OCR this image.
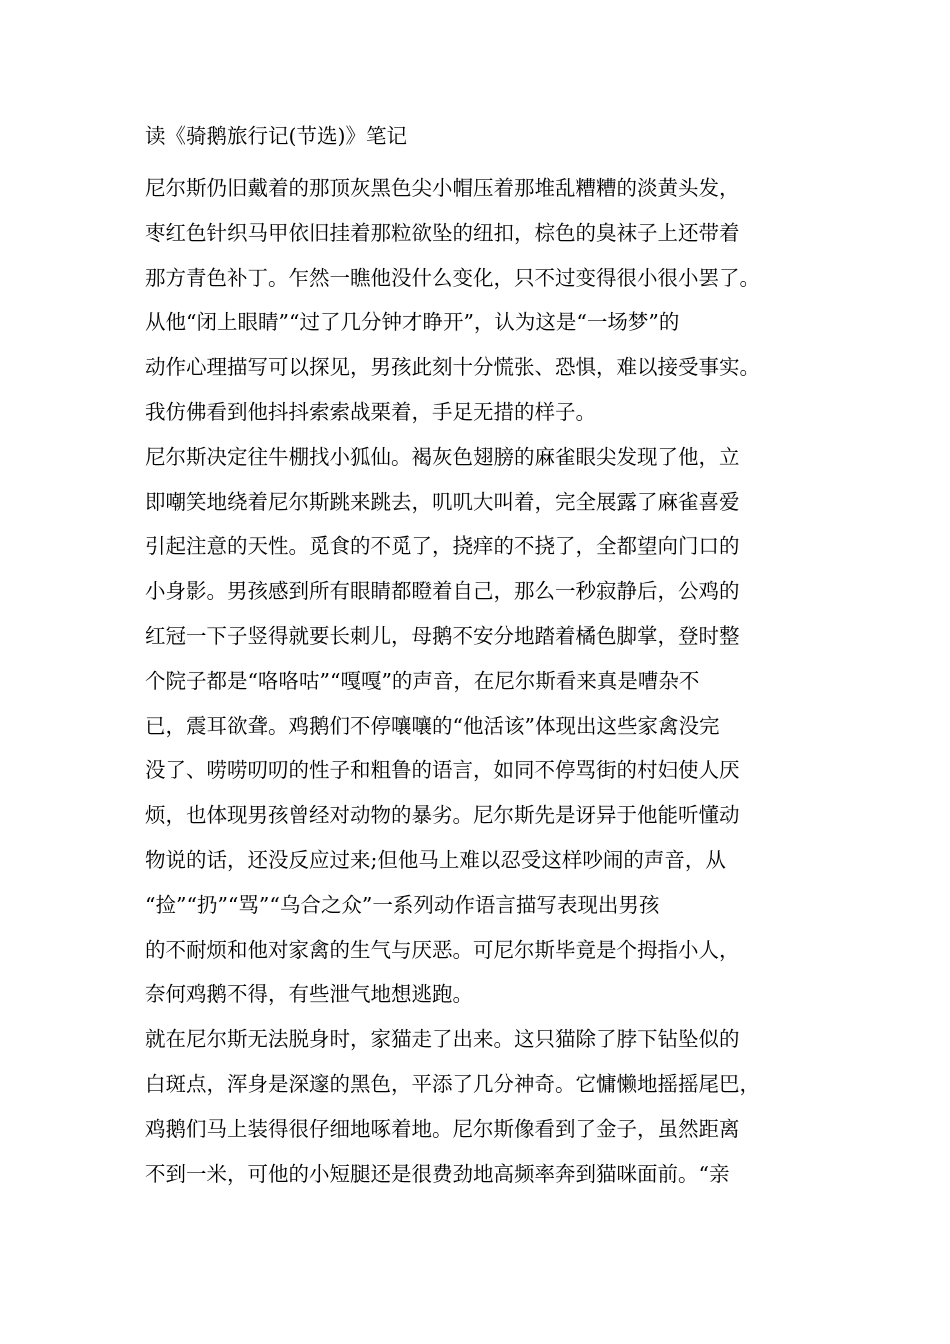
读《骑鹅旅行记(节选)》笔记
尼尔斯仍旧戴着的那顶灰黑色尖小帽压着那堆乱糟糟的淡黄头发，
枣红色针织马甲依旧挂着那粒欲坠的纽扣，棕色的臭袜子上还带着
那方青色补丁。乍然一瞧他没什么变化，只不过变得很小很小罢了。
从他“闭上眼睛”“过了几分钟才睁开”，认为这是“一场梦”的
动作心理描写可以探见，男孩此刻十分慌张、恐惧，难以接受事实。
我仿佛看到他抖抖索索战栗着，手足无措的样子。
尼尔斯决定往牛棚找小狐仙。褐灰色翅膀的麻雀眼尖发现了他，立
即嘲笑地绕着尼尔斯跳来跳去，叽叽大叫着，完全展露了麻雀喜爱
引起注意的天性。觅食的不觅了，挠痒的不挠了，全都望向门口的
小身影。男孩感到所有眼睛都瞪着自己，那么一秒寂静后，公鸡的
红冠一下子竖得就要长刺儿，母鹅不安分地踏着橘色脚掌，登时整
个院子都是“咯咯咕”“嘎嘎”的声音，在尼尔斯看来真是嘈杂不
已，震耳欲聋。鸡鹅们不停嚷嚷的“他活该”体现出这些家禽没完
没了、唠唠叨叨的性子和粗鲁的语言，如同不停骂街的村妇使人厌
烦，也体现男孩曾经对动物的暴劣。尼尔斯先是讶异于他能听懂动
物说的话，还没反应过来;但他马上难以忍受这样吵闹的声音，从
“捡”“扔”“骂”“乌合之众”一系列动作语言描写表现出男孩
的不耐烦和他对家禽的生气与厌恶。可尼尔斯毕竟是个拇指小人，
奈何鸡鹅不得，有些泄气地想逃跑。
就在尼尔斯无法脱身时，家猫走了出来。这只猫除了脖下钻坠似的
白斑点，浑身是深邃的黑色，平添了几分神奇。它慵懒地摇摇尾巴，
鸡鹅们马上装得很仔细地啄着地。尼尔斯像看到了金子，虽然距离
不到一米，可他的小短腿还是很费劲地高频率奔到猫咪面前。“亲
